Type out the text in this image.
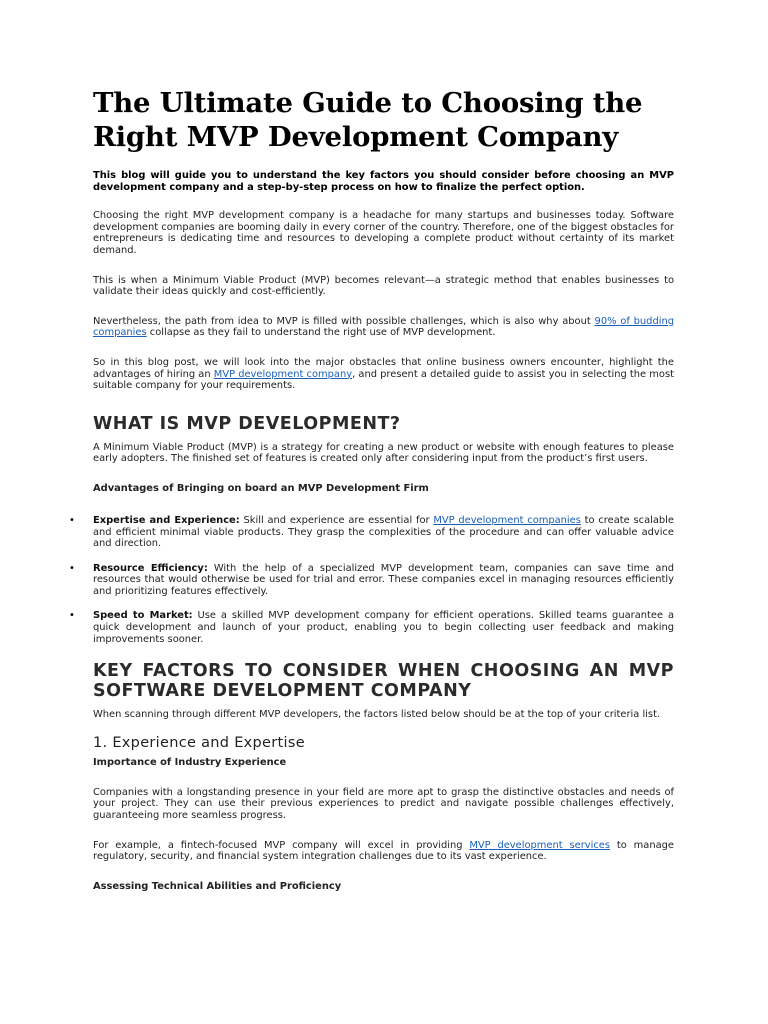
The Ultimate Guide to Choosing the Right MVP Development Company

This blog will guide you to understand the key factors you should consider before choosing an MVP development company and a step-by-step process on how to finalize the perfect option.

Choosing the right MVP development company is a headache for many startups and businesses today. Software development companies are booming daily in every corner of the country. Therefore, one of the biggest obstacles for entrepreneurs is dedicating time and resources to developing a complete product without certainty of its market demand.

This is when a Minimum Viable Product (MVP) becomes relevant—a strategic method that enables businesses to validate their ideas quickly and cost-efficiently.

Nevertheless, the path from idea to MVP is filled with possible challenges, which is also why about 90% of budding companies collapse as they fail to understand the right use of MVP development.

So in this blog post, we will look into the major obstacles that online business owners encounter, highlight the advantages of hiring an MVP development company, and present a detailed guide to assist you in selecting the most suitable company for your requirements.

WHAT IS MVP DEVELOPMENT?

A Minimum Viable Product (MVP) is a strategy for creating a new product or website with enough features to please early adopters. The finished set of features is created only after considering input from the product’s first users.

Advantages of Bringing on board an MVP Development Firm

• Expertise and Experience: Skill and experience are essential for MVP development companies to create scalable and efficient minimal viable products. They grasp the complexities of the procedure and can offer valuable advice and direction.

• Resource Efficiency: With the help of a specialized MVP development team, companies can save time and resources that would otherwise be used for trial and error. These companies excel in managing resources efficiently and prioritizing features effectively.

• Speed to Market: Use a skilled MVP development company for efficient operations. Skilled teams guarantee a quick development and launch of your product, enabling you to begin collecting user feedback and making improvements sooner.

KEY FACTORS TO CONSIDER WHEN CHOOSING AN MVP SOFTWARE DEVELOPMENT COMPANY

When scanning through different MVP developers, the factors listed below should be at the top of your criteria list.

1. Experience and Expertise

Importance of Industry Experience

Companies with a longstanding presence in your field are more apt to grasp the distinctive obstacles and needs of your project. They can use their previous experiences to predict and navigate possible challenges effectively, guaranteeing more seamless progress.

For example, a fintech-focused MVP company will excel in providing MVP development services to manage regulatory, security, and financial system integration challenges due to its vast experience.

Assessing Technical Abilities and Proficiency
